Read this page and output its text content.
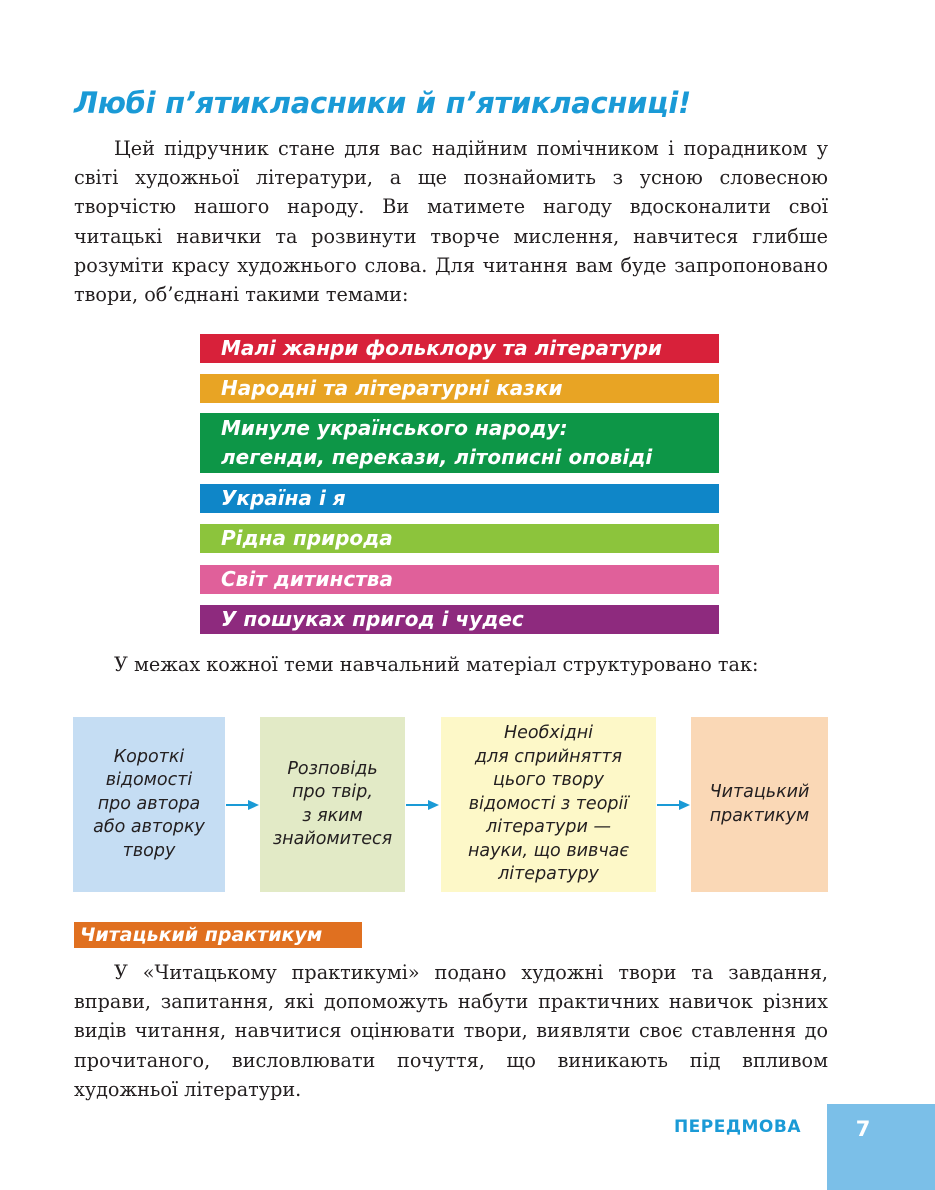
Любі п’ятикласники й п’ятикласниці!

Цей підручник стане для вас надійним помічником і порадником у світі художньої літератури, а ще познайомить з усною словесною творчістю нашого народу. Ви матимете нагоду вдосконалити свої читацькі навички та розвинути творче мислення, навчитеся глибше розуміти красу художнього слова. Для читання вам буде запропоновано твори, об’єднані такими темами:

Малі жанри фольклору та літератури
Народні та літературні казки
Минуле українського народу:
легенди, перекази, літописні оповіді
Україна і я
Рідна природа
Світ дитинства
У пошуках пригод і чудес

У межах кожної теми навчальний матеріал структуровано так:

Короткі
відомості
про автора
або авторку
твору
Розповідь
про твір,
з яким
знайомитеся
Необхідні
для сприйняття
цього твору
відомості з теорії
літератури —
науки, що вивчає
літературу
Читацький
практикум
Читацький практикум

У «Читацькому практикумі» подано художні твори та завдання, вправи, запитання, які допоможуть набути практичних навичок різних видів читання, навчитися оцінювати твори, виявляти своє ставлення до прочитаного, висловлювати почуття, що виникають під впливом художньої літератури.

ПЕРЕДМОВА	7
